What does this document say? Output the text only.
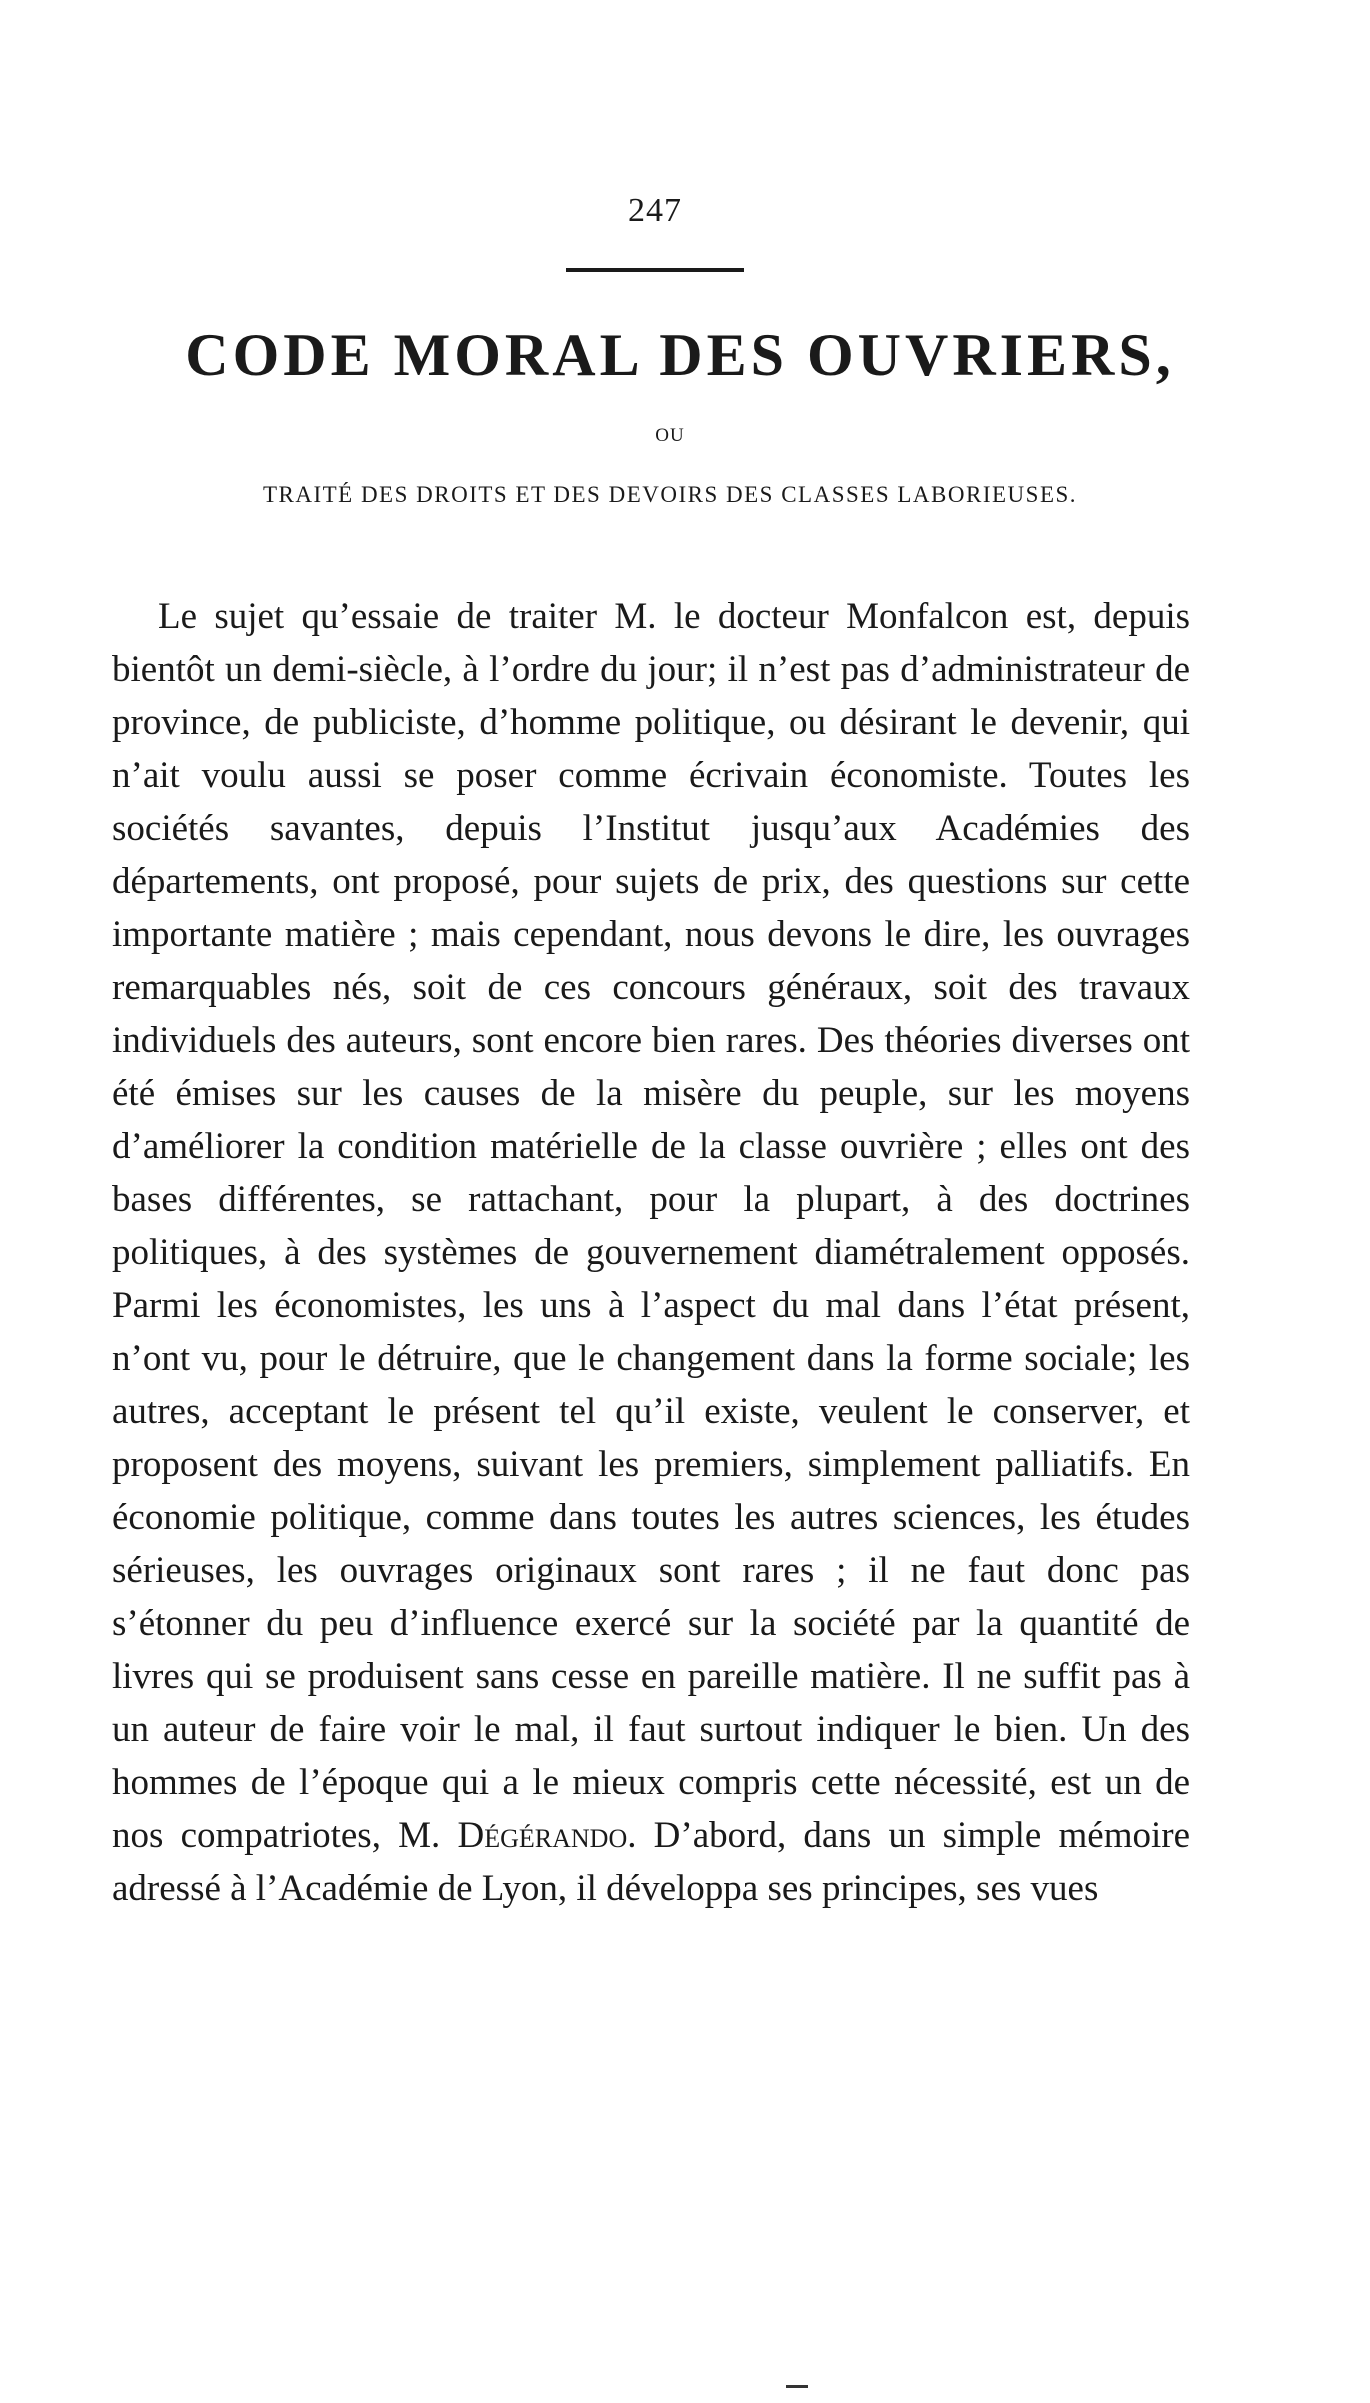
247
CODE MORAL DES OUVRIERS,
OU
TRAITÉ DES DROITS ET DES DEVOIRS DES CLASSES LABORIEUSES.

Le sujet qu’essaie de traiter M. le docteur Monfalcon est, depuis bientôt un demi-siècle, à l’ordre du jour; il n’est pas d’administrateur de province, de publiciste, d’homme politique, ou désirant le devenir, qui n’ait voulu aussi se poser comme écrivain économiste. Toutes les sociétés savantes, depuis l’Institut jusqu’aux Académies des départements, ont proposé, pour sujets de prix, des questions sur cette importante matière ; mais cependant, nous devons le dire, les ouvrages remarquables nés, soit de ces concours généraux, soit des travaux individuels des auteurs, sont encore bien rares. Des théories diverses ont été émises sur les causes de la misère du peuple, sur les moyens d’améliorer la condition matérielle de la classe ouvrière ; elles ont des bases différentes, se rattachant, pour la plupart, à des doctrines politiques, à des systèmes de gouvernement diamétralement opposés. Parmi les économistes, les uns à l’aspect du mal dans l’état présent, n’ont vu, pour le détruire, que le changement dans la forme sociale; les autres, acceptant le présent tel qu’il existe, veulent le conserver, et proposent des moyens, suivant les premiers, simplement palliatifs. En économie politique, comme dans toutes les autres sciences, les études sérieuses, les ouvrages originaux sont rares ; il ne faut donc pas s’étonner du peu d’influence exercé sur la société par la quantité de livres qui se produisent sans cesse en pareille matière. Il ne suffit pas à un auteur de faire voir le mal, il faut surtout indiquer le bien. Un des hommes de l’époque qui a le mieux compris cette nécessité, est un de nos compatriotes, M. Dégérando. D’abord, dans un simple mémoire adressé à l’Académie de Lyon, il développa ses principes, ses vues
